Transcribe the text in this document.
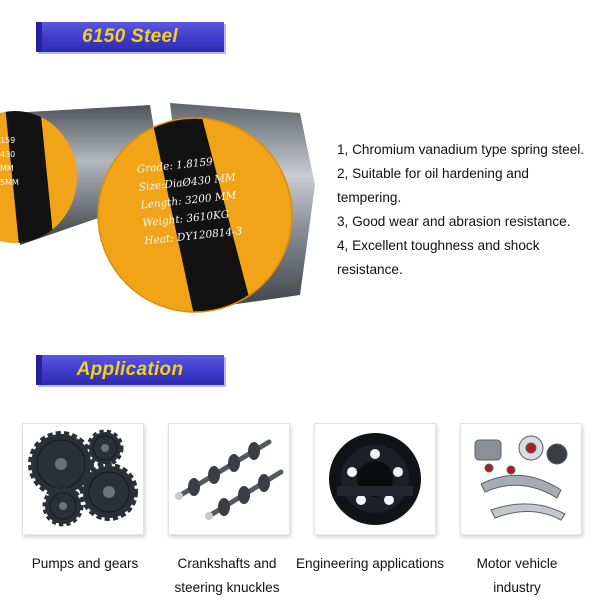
6150 Steel
159
430
MM
5MM
Grade: 1.8159
Size:DiaØ430 MM
Length: 3200 MM
Weight: 3610KG
Heat: DY120814-3
1, Chromium vanadium type spring steel.
2, Suitable for oil hardening and tempering.
3, Good wear and abrasion resistance.
4, Excellent toughness and shock resistance.
Application
Pumps and gears	Crankshafts and steering knuckles
Engineering applications	Motor vehicle industry
